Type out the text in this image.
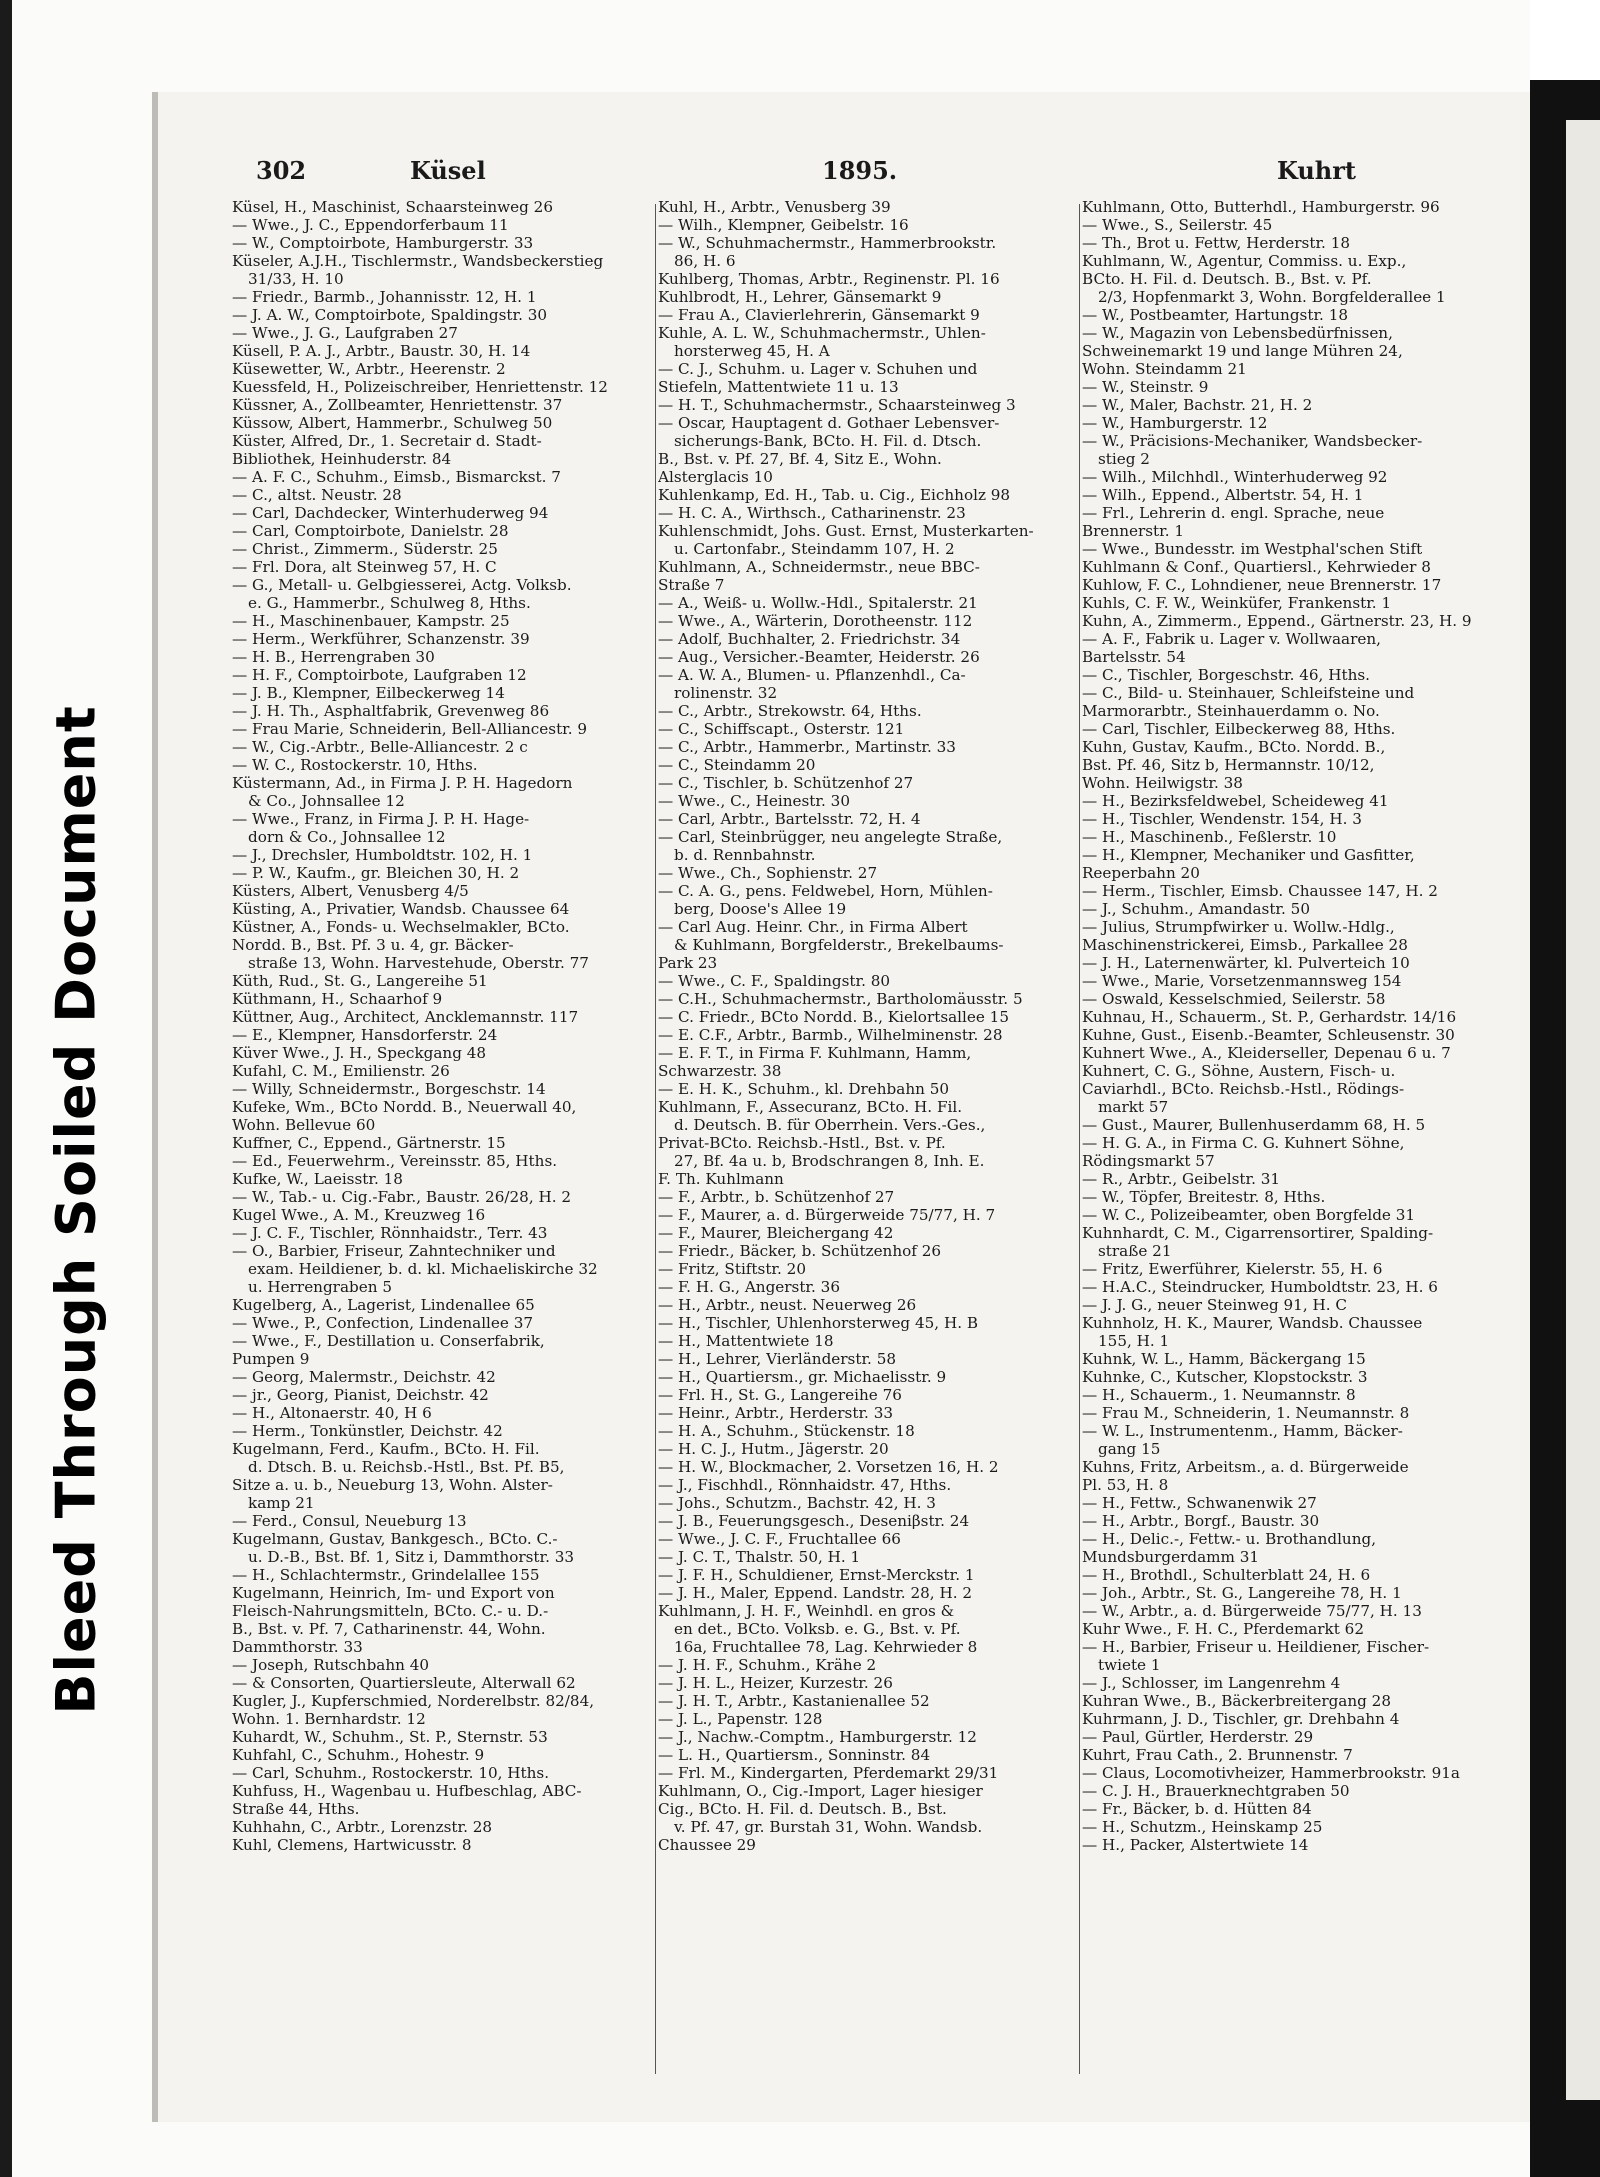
Bleed Through Soiled Document
302	Küsel	1895.	Kuhrt
Küsel, H., Maschinist, Schaarsteinweg 26
— Wwe., J. C., Eppendorferbaum 11
— W., Comptoirbote, Hamburgerstr. 33
Küseler, A.J.H., Tischlermstr., Wandsbeckerstieg
31/33, H. 10
— Friedr., Barmb., Johannisstr. 12, H. 1
— J. A. W., Comptoirbote, Spaldingstr. 30
— Wwe., J. G., Laufgraben 27
Küsell, P. A. J., Arbtr., Baustr. 30, H. 14
Küsewetter, W., Arbtr., Heerenstr. 2
Kuessfeld, H., Polizeischreiber, Henriettenstr. 12
Küssner, A., Zollbeamter, Henriettenstr. 37
Küssow, Albert, Hammerbr., Schulweg 50
Küster, Alfred, Dr., 1. Secretair d. Stadt-
Bibliothek, Heinhuderstr. 84
— A. F. C., Schuhm., Eimsb., Bismarckst. 7
— C., altst. Neustr. 28
— Carl, Dachdecker, Winterhuderweg 94
— Carl, Comptoirbote, Danielstr. 28
— Christ., Zimmerm., Süderstr. 25
— Frl. Dora, alt Steinweg 57, H. C
— G., Metall- u. Gelbgiesserei, Actg. Volksb.
e. G., Hammerbr., Schulweg 8, Hths.
— H., Maschinenbauer, Kampstr. 25
— Herm., Werkführer, Schanzenstr. 39
— H. B., Herrengraben 30
— H. F., Comptoirbote, Laufgraben 12
— J. B., Klempner, Eilbeckerweg 14
— J. H. Th., Asphaltfabrik, Grevenweg 86
— Frau Marie, Schneiderin, Bell-Alliancestr. 9
— W., Cig.-Arbtr., Belle-Alliancestr. 2 c
— W. C., Rostockerstr. 10, Hths.
Küstermann, Ad., in Firma J. P. H. Hagedorn
& Co., Johnsallee 12
— Wwe., Franz, in Firma J. P. H. Hage-
dorn & Co., Johnsallee 12
— J., Drechsler, Humboldtstr. 102, H. 1
— P. W., Kaufm., gr. Bleichen 30, H. 2
Küsters, Albert, Venusberg 4/5
Küsting, A., Privatier, Wandsb. Chaussee 64
Küstner, A., Fonds- u. Wechselmakler, BCto.
Nordd. B., Bst. Pf. 3 u. 4, gr. Bäcker-
straße 13, Wohn. Harvestehude, Oberstr. 77
Küth, Rud., St. G., Langereihe 51
Küthmann, H., Schaarhof 9
Küttner, Aug., Architect, Ancklemannstr. 117
— E., Klempner, Hansdorferstr. 24
Küver Wwe., J. H., Speckgang 48
Kufahl, C. M., Emilienstr. 26
— Willy, Schneidermstr., Borgeschstr. 14
Kufeke, Wm., BCto Nordd. B., Neuerwall 40,
Wohn. Bellevue 60
Kuffner, C., Eppend., Gärtnerstr. 15
— Ed., Feuerwehrm., Vereinsstr. 85, Hths.
Kufke, W., Laeisstr. 18
— W., Tab.- u. Cig.-Fabr., Baustr. 26/28, H. 2
Kugel Wwe., A. M., Kreuzweg 16
— J. C. F., Tischler, Rönnhaidstr., Terr. 43
— O., Barbier, Friseur, Zahntechniker und
exam. Heildiener, b. d. kl. Michaeliskirche 32
u. Herrengraben 5
Kugelberg, A., Lagerist, Lindenallee 65
— Wwe., P., Confection, Lindenallee 37
— Wwe., F., Destillation u. Conserfabrik,
Pumpen 9
— Georg, Malermstr., Deichstr. 42
— jr., Georg, Pianist, Deichstr. 42
— H., Altonaerstr. 40, H 6
— Herm., Tonkünstler, Deichstr. 42
Kugelmann, Ferd., Kaufm., BCto. H. Fil.
d. Dtsch. B. u. Reichsb.-Hstl., Bst. Pf. B5,
Sitze a. u. b., Neueburg 13, Wohn. Alster-
kamp 21
— Ferd., Consul, Neueburg 13
Kugelmann, Gustav, Bankgesch., BCto. C.-
u. D.-B., Bst. Bf. 1, Sitz i, Dammthorstr. 33
— H., Schlachtermstr., Grindelallee 155
Kugelmann, Heinrich, Im- und Export von
Fleisch-Nahrungsmitteln, BCto. C.- u. D.-
B., Bst. v. Pf. 7, Catharinenstr. 44, Wohn.
Dammthorstr. 33
— Joseph, Rutschbahn 40
— & Consorten, Quartiersleute, Alterwall 62
Kugler, J., Kupferschmied, Norderelbstr. 82/84,
Wohn. 1. Bernhardstr. 12
Kuhardt, W., Schuhm., St. P., Sternstr. 53
Kuhfahl, C., Schuhm., Hohestr. 9
— Carl, Schuhm., Rostockerstr. 10, Hths.
Kuhfuss, H., Wagenbau u. Hufbeschlag, ABC-
Straße 44, Hths.
Kuhhahn, C., Arbtr., Lorenzstr. 28
Kuhl, Clemens, Hartwicusstr. 8
Kuhl, H., Arbtr., Venusberg 39
— Wilh., Klempner, Geibelstr. 16
— W., Schuhmachermstr., Hammerbrookstr.
86, H. 6
Kuhlberg, Thomas, Arbtr., Reginenstr. Pl. 16
Kuhlbrodt, H., Lehrer, Gänsemarkt 9
— Frau A., Clavierlehrerin, Gänsemarkt 9
Kuhle, A. L. W., Schuhmachermstr., Uhlen-
horsterweg 45, H. A
— C. J., Schuhm. u. Lager v. Schuhen und
Stiefeln, Mattentwiete 11 u. 13
— H. T., Schuhmachermstr., Schaarsteinweg 3
— Oscar, Hauptagent d. Gothaer Lebensver-
sicherungs-Bank, BCto. H. Fil. d. Dtsch.
B., Bst. v. Pf. 27, Bf. 4, Sitz E., Wohn.
Alsterglacis 10
Kuhlenkamp, Ed. H., Tab. u. Cig., Eichholz 98
— H. C. A., Wirthsch., Catharinenstr. 23
Kuhlenschmidt, Johs. Gust. Ernst, Musterkarten-
u. Cartonfabr., Steindamm 107, H. 2
Kuhlmann, A., Schneidermstr., neue BBC-
Straße 7
— A., Weiß- u. Wollw.-Hdl., Spitalerstr. 21
— Wwe., A., Wärterin, Dorotheenstr. 112
— Adolf, Buchhalter, 2. Friedrichstr. 34
— Aug., Versicher.-Beamter, Heiderstr. 26
— A. W. A., Blumen- u. Pflanzenhdl., Ca-
rolinenstr. 32
— C., Arbtr., Strekowstr. 64, Hths.
— C., Schiffscapt., Osterstr. 121
— C., Arbtr., Hammerbr., Martinstr. 33
— C., Steindamm 20
— C., Tischler, b. Schützenhof 27
— Wwe., C., Heinestr. 30
— Carl, Arbtr., Bartelsstr. 72, H. 4
— Carl, Steinbrügger, neu angelegte Straße,
b. d. Rennbahnstr.
— Wwe., Ch., Sophienstr. 27
— C. A. G., pens. Feldwebel, Horn, Mühlen-
berg, Doose's Allee 19
— Carl Aug. Heinr. Chr., in Firma Albert
& Kuhlmann, Borgfelderstr., Brekelbaums-
Park 23
— Wwe., C. F., Spaldingstr. 80
— C.H., Schuhmachermstr., Bartholomäusstr. 5
— C. Friedr., BCto Nordd. B., Kielortsallee 15
— E. C.F., Arbtr., Barmb., Wilhelminenstr. 28
— E. F. T., in Firma F. Kuhlmann, Hamm,
Schwarzestr. 38
— E. H. K., Schuhm., kl. Drehbahn 50
Kuhlmann, F., Assecuranz, BCto. H. Fil.
d. Deutsch. B. für Oberrhein. Vers.-Ges.,
Privat-BCto. Reichsb.-Hstl., Bst. v. Pf.
27, Bf. 4a u. b, Brodschrangen 8, Inh. E.
F. Th. Kuhlmann
— F., Arbtr., b. Schützenhof 27
— F., Maurer, a. d. Bürgerweide 75/77, H. 7
— F., Maurer, Bleichergang 42
— Friedr., Bäcker, b. Schützenhof 26
— Fritz, Stiftstr. 20
— F. H. G., Angerstr. 36
— H., Arbtr., neust. Neuerweg 26
— H., Tischler, Uhlenhorsterweg 45, H. B
— H., Mattentwiete 18
— H., Lehrer, Vierländerstr. 58
— H., Quartiersm., gr. Michaelisstr. 9
— Frl. H., St. G., Langereihe 76
— Heinr., Arbtr., Herderstr. 33
— H. A., Schuhm., Stückenstr. 18
— H. C. J., Hutm., Jägerstr. 20
— H. W., Blockmacher, 2. Vorsetzen 16, H. 2
— J., Fischhdl., Rönnhaidstr. 47, Hths.
— Johs., Schutzm., Bachstr. 42, H. 3
— J. B., Feuerungsgesch., Deseniβstr. 24
— Wwe., J. C. F., Fruchtallee 66
— J. C. T., Thalstr. 50, H. 1
— J. F. H., Schuldiener, Ernst-Merckstr. 1
— J. H., Maler, Eppend. Landstr. 28, H. 2
Kuhlmann, J. H. F., Weinhdl. en gros &
en det., BCto. Volksb. e. G., Bst. v. Pf.
16a, Fruchtallee 78, Lag. Kehrwieder 8
— J. H. F., Schuhm., Krähe 2
— J. H. L., Heizer, Kurzestr. 26
— J. H. T., Arbtr., Kastanienallee 52
— J. L., Papenstr. 128
— J., Nachw.-Comptm., Hamburgerstr. 12
— L. H., Quartiersm., Sonninstr. 84
— Frl. M., Kindergarten, Pferdemarkt 29/31
Kuhlmann, O., Cig.-Import, Lager hiesiger
Cig., BCto. H. Fil. d. Deutsch. B., Bst.
v. Pf. 47, gr. Burstah 31, Wohn. Wandsb.
Chaussee 29
Kuhlmann, Otto, Butterhdl., Hamburgerstr. 96
— Wwe., S., Seilerstr. 45
— Th., Brot u. Fettw, Herderstr. 18
Kuhlmann, W., Agentur, Commiss. u. Exp.,
BCto. H. Fil. d. Deutsch. B., Bst. v. Pf.
2/3, Hopfenmarkt 3, Wohn. Borgfelderallee 1
— W., Postbeamter, Hartungstr. 18
— W., Magazin von Lebensbedürfnissen,
Schweinemarkt 19 und lange Mühren 24,
Wohn. Steindamm 21
— W., Steinstr. 9
— W., Maler, Bachstr. 21, H. 2
— W., Hamburgerstr. 12
— W., Präcisions-Mechaniker, Wandsbecker-
stieg 2
— Wilh., Milchhdl., Winterhuderweg 92
— Wilh., Eppend., Albertstr. 54, H. 1
— Frl., Lehrerin d. engl. Sprache, neue
Brennerstr. 1
— Wwe., Bundesstr. im Westphal'schen Stift
Kuhlmann & Conf., Quartiersl., Kehrwieder 8
Kuhlow, F. C., Lohndiener, neue Brennerstr. 17
Kuhls, C. F. W., Weinküfer, Frankenstr. 1
Kuhn, A., Zimmerm., Eppend., Gärtnerstr. 23, H. 9
— A. F., Fabrik u. Lager v. Wollwaaren,
Bartelsstr. 54
— C., Tischler, Borgeschstr. 46, Hths.
— C., Bild- u. Steinhauer, Schleifsteine und
Marmorarbtr., Steinhauerdamm o. No.
— Carl, Tischler, Eilbeckerweg 88, Hths.
Kuhn, Gustav, Kaufm., BCto. Nordd. B.,
Bst. Pf. 46, Sitz b, Hermannstr. 10/12,
Wohn. Heilwigstr. 38
— H., Bezirksfeldwebel, Scheideweg 41
— H., Tischler, Wendenstr. 154, H. 3
— H., Maschinenb., Feßlerstr. 10
— H., Klempner, Mechaniker und Gasfitter,
Reeperbahn 20
— Herm., Tischler, Eimsb. Chaussee 147, H. 2
— J., Schuhm., Amandastr. 50
— Julius, Strumpfwirker u. Wollw.-Hdlg.,
Maschinenstrickerei, Eimsb., Parkallee 28
— J. H., Laternenwärter, kl. Pulverteich 10
— Wwe., Marie, Vorsetzenmannsweg 154
— Oswald, Kesselschmied, Seilerstr. 58
Kuhnau, H., Schauerm., St. P., Gerhardstr. 14/16
Kuhne, Gust., Eisenb.-Beamter, Schleusenstr. 30
Kuhnert Wwe., A., Kleiderseller, Depenau 6 u. 7
Kuhnert, C. G., Söhne, Austern, Fisch- u.
Caviarhdl., BCto. Reichsb.-Hstl., Rödings-
markt 57
— Gust., Maurer, Bullenhuserdamm 68, H. 5
— H. G. A., in Firma C. G. Kuhnert Söhne,
Rödingsmarkt 57
— R., Arbtr., Geibelstr. 31
— W., Töpfer, Breitestr. 8, Hths.
— W. C., Polizeibeamter, oben Borgfelde 31
Kuhnhardt, C. M., Cigarrensortirer, Spalding-
straße 21
— Fritz, Ewerführer, Kielerstr. 55, H. 6
— H.A.C., Steindrucker, Humboldtstr. 23, H. 6
— J. J. G., neuer Steinweg 91, H. C
Kuhnholz, H. K., Maurer, Wandsb. Chaussee
155, H. 1
Kuhnk, W. L., Hamm, Bäckergang 15
Kuhnke, C., Kutscher, Klopstockstr. 3
— H., Schauerm., 1. Neumannstr. 8
— Frau M., Schneiderin, 1. Neumannstr. 8
— W. L., Instrumentenm., Hamm, Bäcker-
gang 15
Kuhns, Fritz, Arbeitsm., a. d. Bürgerweide
Pl. 53, H. 8
— H., Fettw., Schwanenwik 27
— H., Arbtr., Borgf., Baustr. 30
— H., Delic.-, Fettw.- u. Brothandlung,
Mundsburgerdamm 31
— H., Brothdl., Schulterblatt 24, H. 6
— Joh., Arbtr., St. G., Langereihe 78, H. 1
— W., Arbtr., a. d. Bürgerweide 75/77, H. 13
Kuhr Wwe., F. H. C., Pferdemarkt 62
— H., Barbier, Friseur u. Heildiener, Fischer-
twiete 1
— J., Schlosser, im Langenrehm 4
Kuhran Wwe., B., Bäckerbreitergang 28
Kuhrmann, J. D., Tischler, gr. Drehbahn 4
— Paul, Gürtler, Herderstr. 29
Kuhrt, Frau Cath., 2. Brunnenstr. 7
— Claus, Locomotivheizer, Hammerbrookstr. 91a
— C. J. H., Brauerknechtgraben 50
— Fr., Bäcker, b. d. Hütten 84
— H., Schutzm., Heinskamp 25
— H., Packer, Alstertwiete 14
